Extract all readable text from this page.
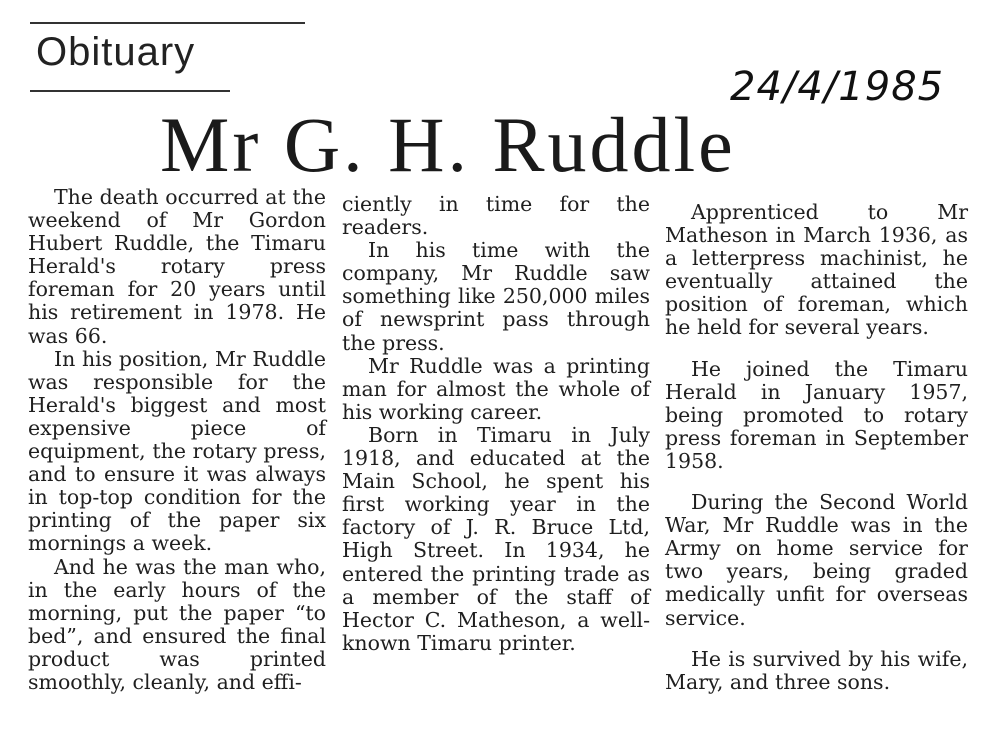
Obituary
24/4/1985
Mr G. H. Ruddle

The death occurred at the weekend of Mr Gordon Hubert Ruddle, the Timaru Herald's rotary press foreman for 20 years until his retirement in 1978. He was 66.

In his position, Mr Ruddle was responsible for the Herald's biggest and most expensive piece of equipment, the rotary press, and to ensure it was always in top-top condition for the printing of the paper six mornings a week.

And he was the man who, in the early hours of the morning, put the paper “to bed”, and ensured the final product was printed smoothly, cleanly, and effi-

ciently in time for the readers.

In his time with the company, Mr Ruddle saw something like 250,000 miles of newsprint pass through the press.

Mr Ruddle was a printing man for almost the whole of his working career.

Born in Timaru in July 1918, and educated at the Main School, he spent his first working year in the factory of J. R. Bruce Ltd, High Street. In 1934, he entered the printing trade as a member of the staff of Hector C. Matheson, a well-known Timaru printer.

Apprenticed to Mr Matheson in March 1936, as a letterpress machinist, he eventually attained the position of foreman, which he held for several years.

He joined the Timaru Herald in January 1957, being promoted to rotary press foreman in September 1958.

During the Second World War, Mr Ruddle was in the Army on home service for two years, being graded medically unfit for overseas service.

He is survived by his wife, Mary, and three sons.
